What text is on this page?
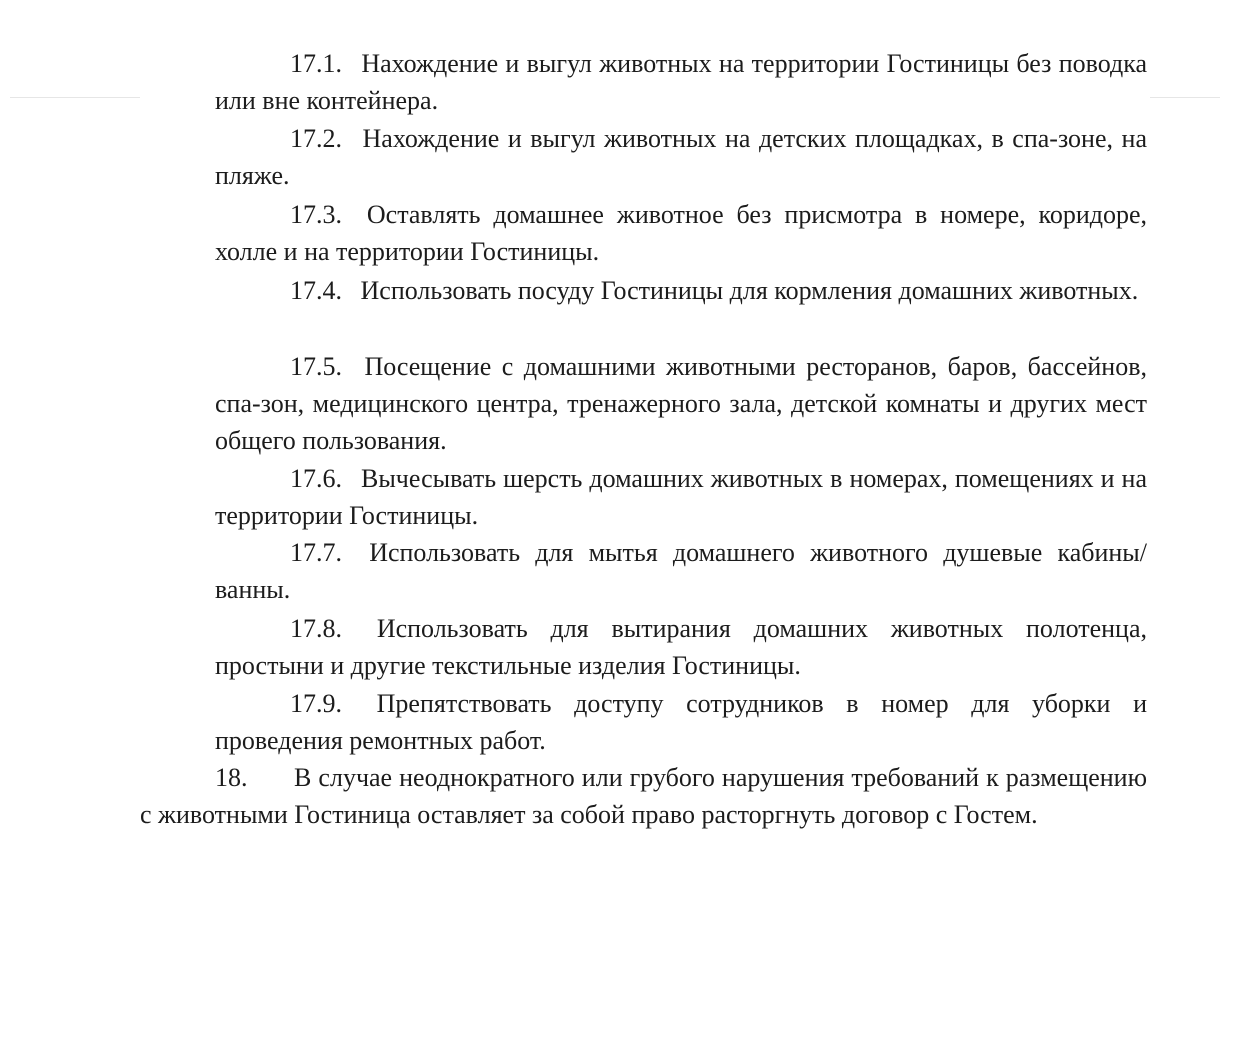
17.1. Нахождение и выгул животных на территории Гостиницы без поводка или вне контейнера.

17.2. Нахождение и выгул животных на детских площадках, в спа-зоне, на пляже.

17.3. Оставлять домашнее животное без присмотра в номере, коридоре, холле и на территории Гостиницы.

17.4. Использовать посуду Гостиницы для кормления домашних животных.

17.5. Посещение с домашними животными ресторанов, баров, бассейнов, спа-зон, медицинского центра, тренажерного зала, детской комнаты и других мест общего пользования.

17.6. Вычесывать шерсть домашних животных в номерах, помещениях и на территории Гостиницы.

17.7. Использовать для мытья домашнего животного душевые кабины/ванны.

17.8. Использовать для вытирания домашних животных полотенца, простыни и другие текстильные изделия Гостиницы.

17.9. Препятствовать доступу сотрудников в номер для уборки и проведения ремонтных работ.

18. В случае неоднократного или грубого нарушения требований к размещению с животными Гостиница оставляет за собой право расторгнуть договор с Гостем.
